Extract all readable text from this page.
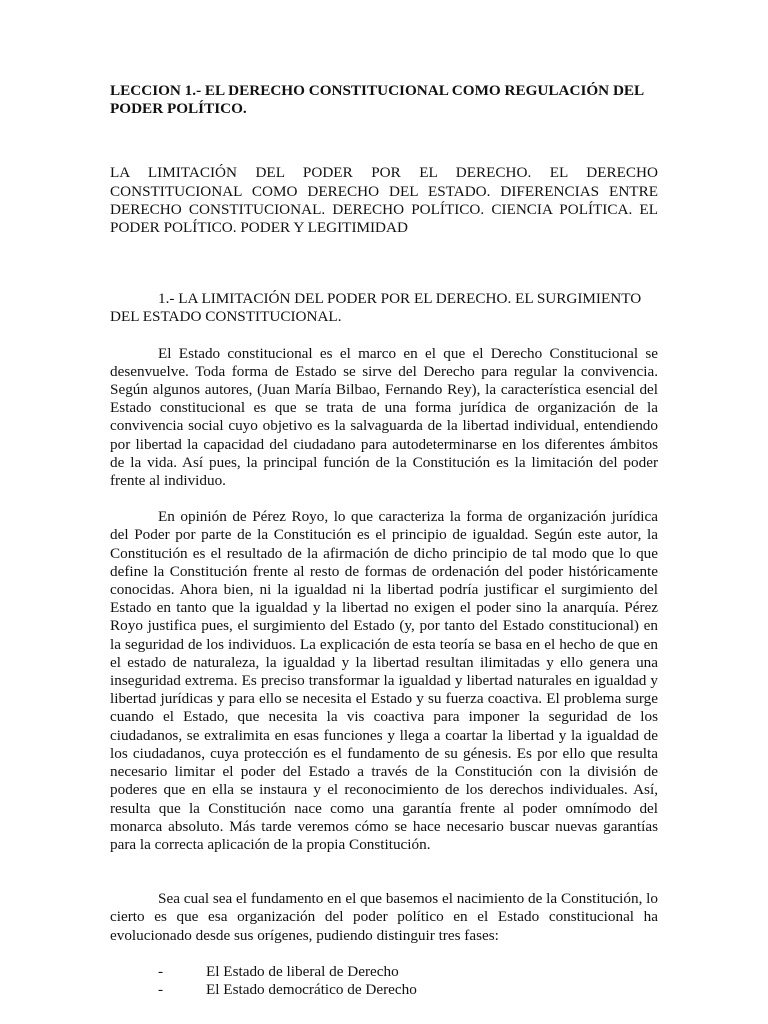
LECCION 1.- EL DERECHO CONSTITUCIONAL COMO REGULACIÓN DEL PODER POLÍTICO.

LA LIMITACIÓN DEL PODER POR EL DERECHO. EL DERECHO CONSTITUCIONAL COMO DERECHO DEL ESTADO. DIFERENCIAS ENTRE DERECHO CONSTITUCIONAL. DERECHO POLÍTICO. CIENCIA POLÍTICA. EL PODER POLÍTICO. PODER Y LEGITIMIDAD

1.- LA LIMITACIÓN DEL PODER POR EL DERECHO. EL SURGIMIENTO DEL ESTADO CONSTITUCIONAL.

El Estado constitucional es el marco en el que el Derecho Constitucional se desenvuelve. Toda forma de Estado se sirve del Derecho para regular la convivencia. Según algunos autores, (Juan María Bilbao, Fernando Rey), la característica esencial del Estado constitucional es que se trata de una forma jurídica de organización de la convivencia social cuyo objetivo es la salvaguarda de la libertad individual, entendiendo por libertad la capacidad del ciudadano para autodeterminarse en los diferentes ámbitos de la vida. Así pues, la principal función de la Constitución es la limitación del poder frente al individuo.

En opinión de Pérez Royo, lo que caracteriza la forma de organización jurídica del Poder por parte de la Constitución es el principio de igualdad. Según este autor, la Constitución es el resultado de la afirmación de dicho principio de tal modo que lo que define la Constitución frente al resto de formas de ordenación del poder históricamente conocidas. Ahora bien, ni la igualdad ni la libertad podría justificar el surgimiento del Estado en tanto que la igualdad y la libertad no exigen el poder sino la anarquía. Pérez Royo justifica pues, el surgimiento del Estado (y, por tanto del Estado constitucional) en la seguridad de los individuos. La explicación de esta teoría se basa en el hecho de que en el estado de naturaleza, la igualdad y la libertad resultan ilimitadas y ello genera una inseguridad extrema. Es preciso transformar la igualdad y libertad naturales en igualdad y libertad jurídicas y para ello se necesita el Estado y su fuerza coactiva. El problema surge cuando el Estado, que necesita la vis coactiva para imponer la seguridad de los ciudadanos, se extralimita en esas funciones y llega a coartar la libertad y la igualdad de los ciudadanos, cuya protección es el fundamento de su génesis. Es por ello que resulta necesario limitar el poder del Estado a través de la Constitución con la división de poderes que en ella se instaura y el reconocimiento de los derechos individuales. Así, resulta que la Constitución nace como una garantía frente al poder omnímodo del monarca absoluto. Más tarde veremos cómo se hace necesario buscar nuevas garantías para la correcta aplicación de la propia Constitución.

Sea cual sea el fundamento en el que basemos el nacimiento de la Constitución, lo cierto es que esa organización del poder político en el Estado constitucional ha evolucionado desde sus orígenes, pudiendo distinguir tres fases:

-	El Estado de liberal de Derecho
-	El Estado democrático de Derecho
